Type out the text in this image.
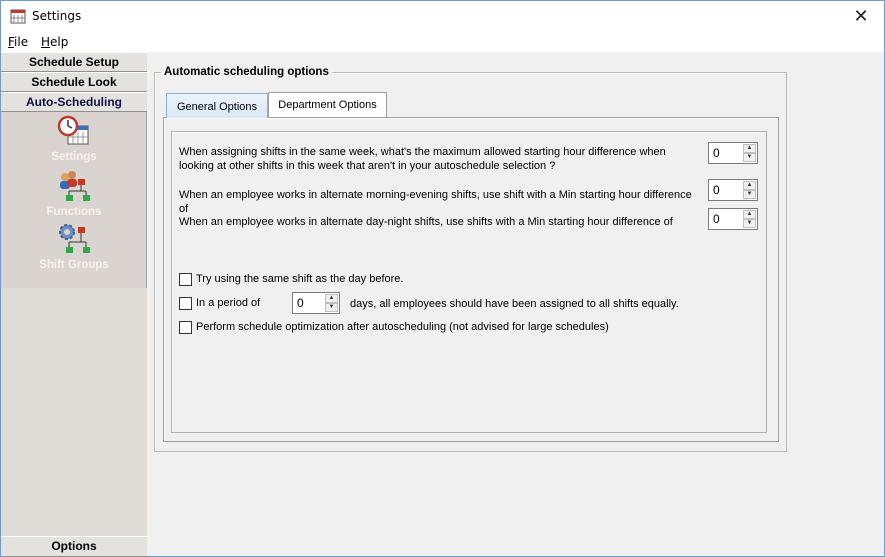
Settings	✕
File Help
Schedule Setup
Schedule Look
Auto-Scheduling
Settings
Functions
Shift Groups
Options
Automatic scheduling options
General Options	Department Options
When assigning shifts in the same week, what's the maximum allowed starting hour difference when looking at other shifts in this week that aren't in your autoschedule selection ?
0	▲
▼
When an employee works in alternate morning-evening shifts, use shift with a Min starting hour difference of
0	▲
▼
When an employee works in alternate day-night shifts, use shifts with a Min starting hour difference of	0	▲
▼
Try using the same shift as the day before.
In a period of	0	▲
▼	days, all employees should have been assigned to all shifts equally.
Perform schedule optimization after autoscheduling (not advised for large schedules)
